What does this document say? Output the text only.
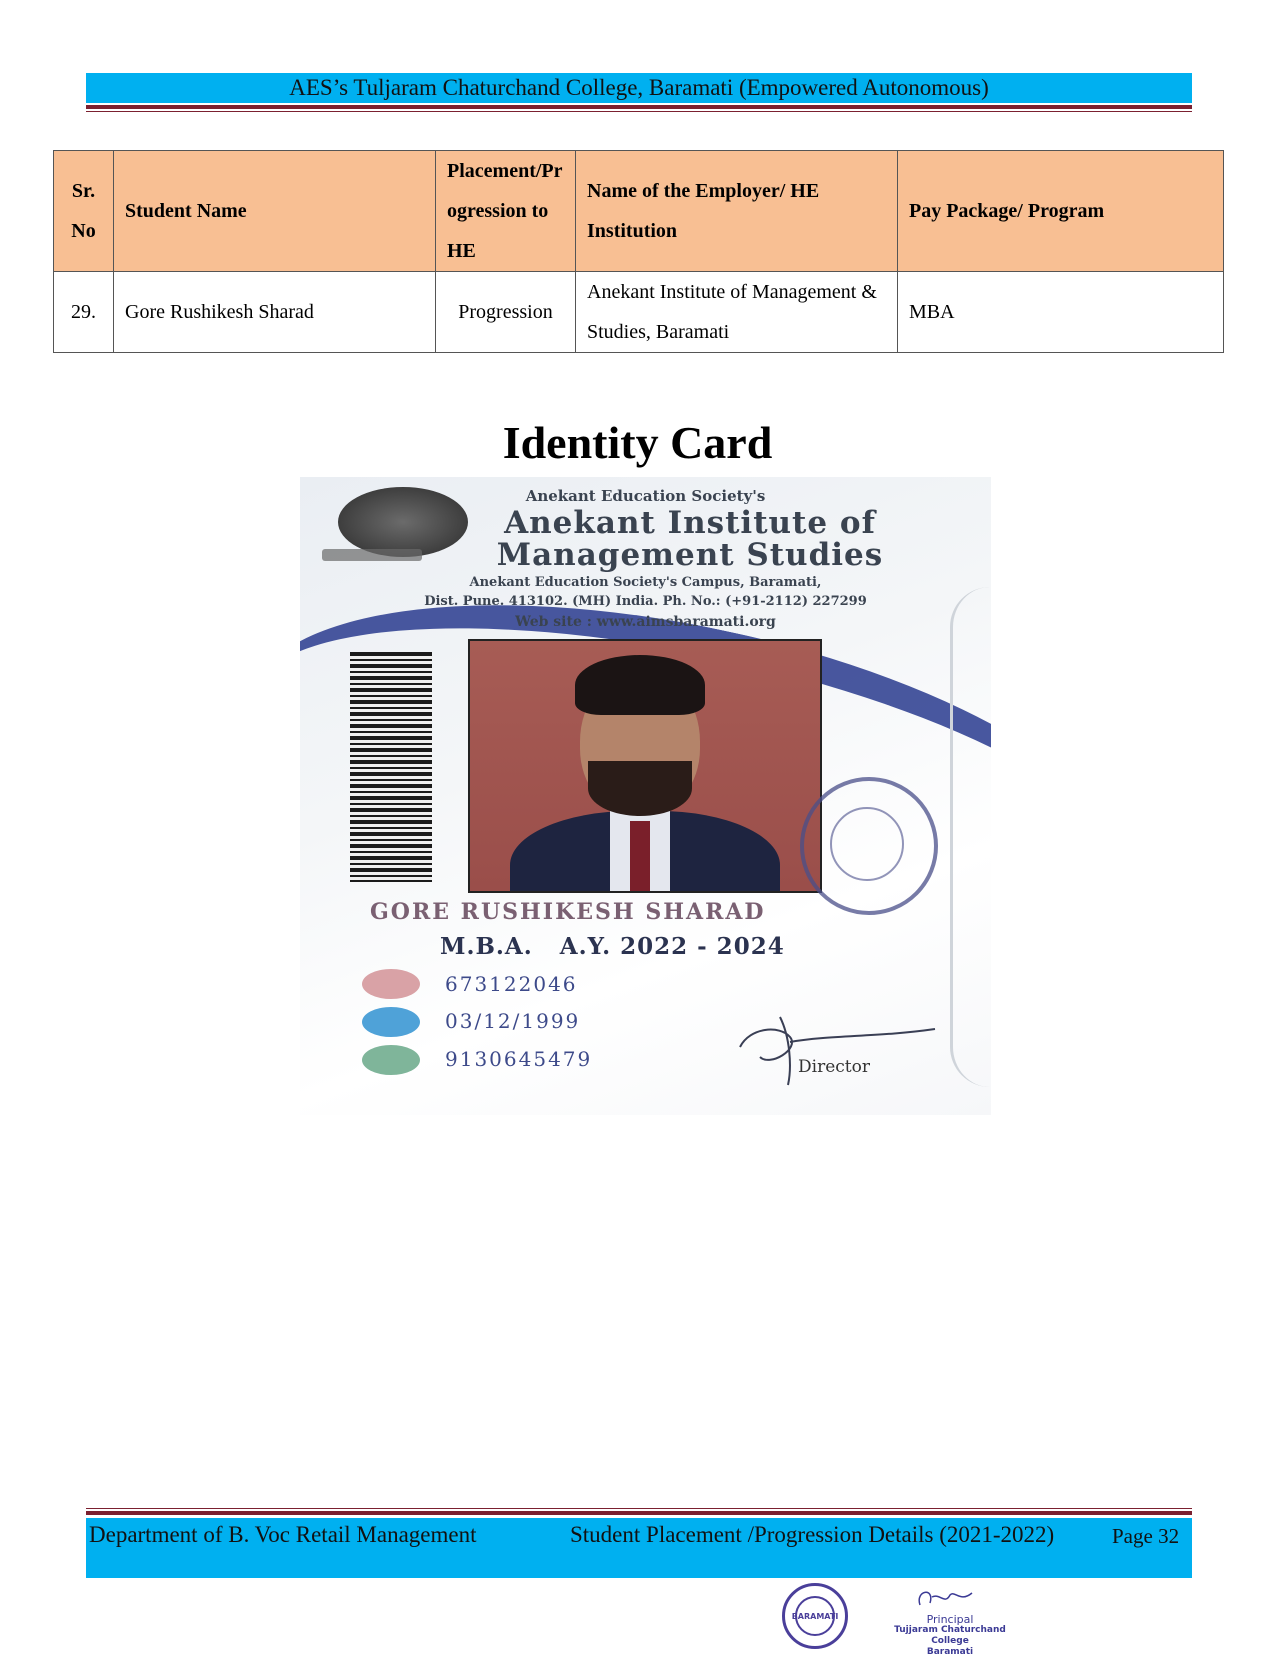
AES’s Tuljaram Chaturchand College, Baramati (Empowered Autonomous)
Sr. No	Student Name	Placement/Progression to HE	Name of the Employer/ HE Institution	Pay Package/ Program
29.	Gore Rushikesh Sharad	Progression	Anekant Institute of Management & Studies, Baramati	MBA
Identity Card
Anekant Education Society's
Anekant Institute of
Management Studies
Anekant Education Society's Campus, Baramati,
Dist. Pune. 413102. (MH) India. Ph. No.: (+91-2112) 227299
Web site : www.aimsbaramati.org
GORE RUSHIKESH SHARAD
M.B.A.   A.Y. 2022 - 2024
673122046
03/12/1999
9130645479	Director
Department of B. Voc Retail Management	Student Placement /Progression Details (2021-2022)	Page 32
BARAMATI	Principal
Tujjaram Chaturchand College
Baramati
